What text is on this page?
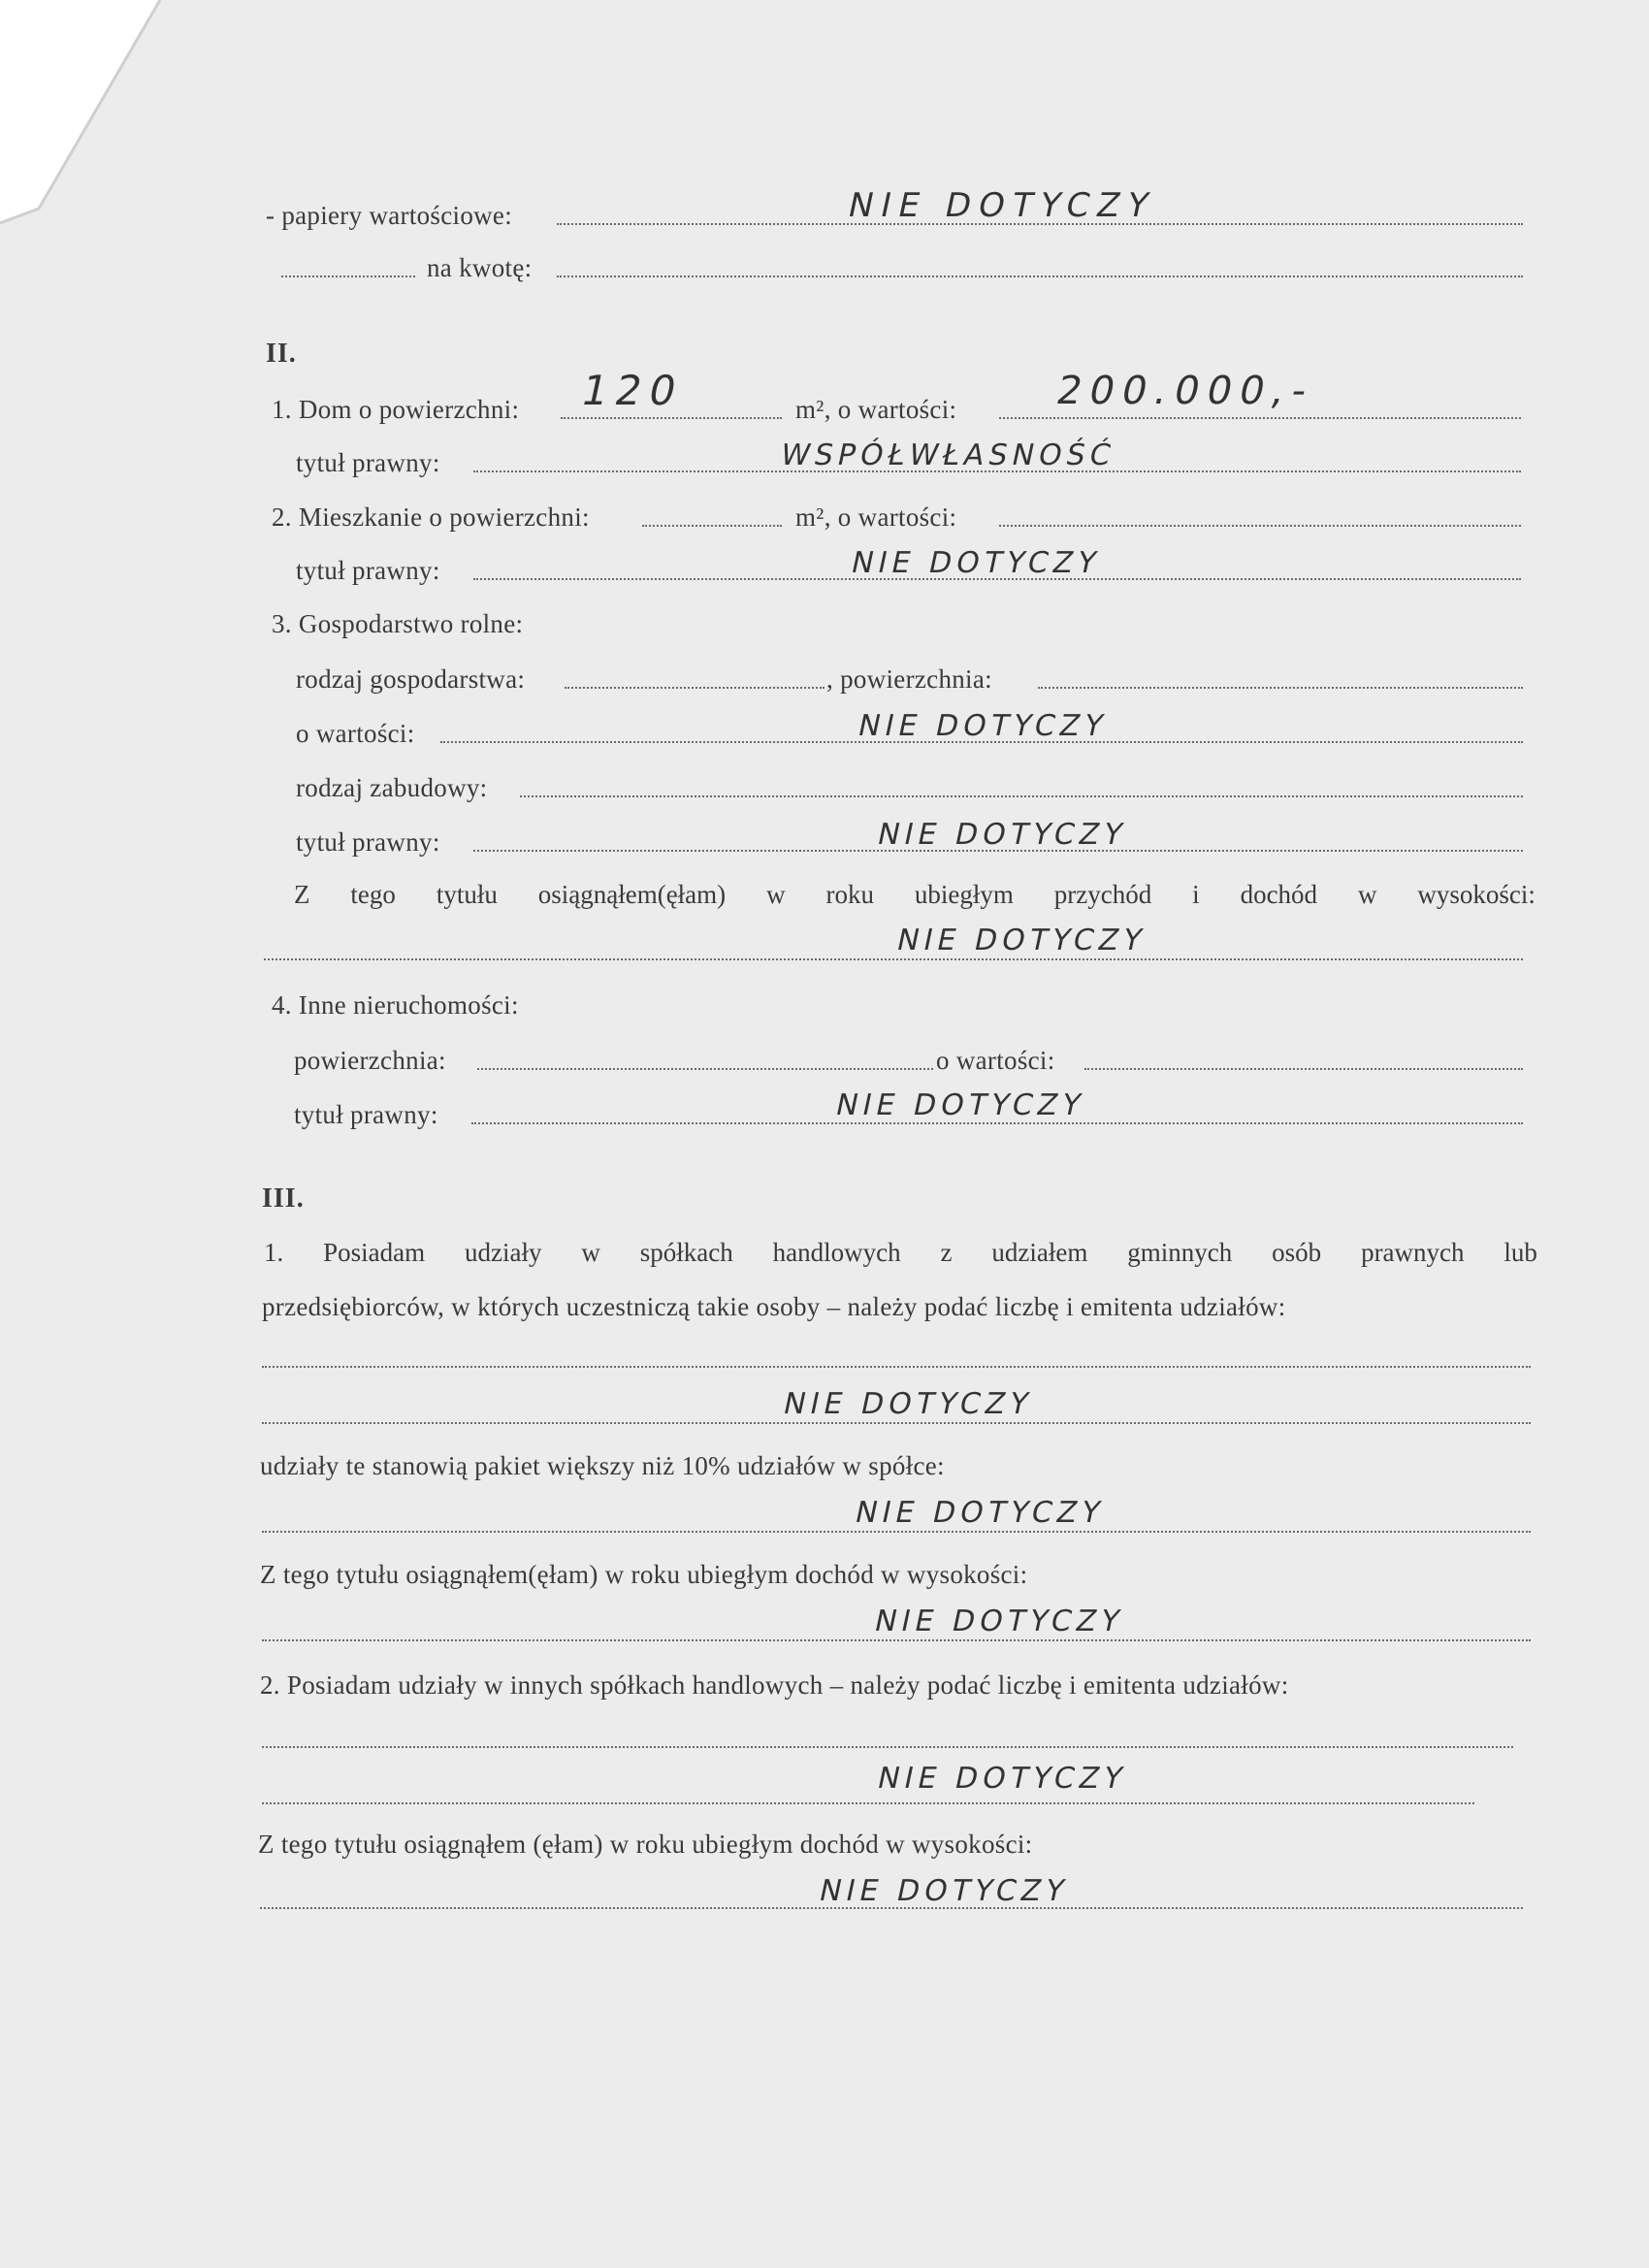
- papiery wartościowe:	NIE DOTYCZY
na kwotę:
II.
1. Dom o powierzchni: 120	m², o wartości: 200.000,-
tytuł prawny:	WSPÓŁWŁASNOŚĆ
2. Mieszkanie o powierzchni:	m², o wartości:
tytuł prawny:	NIE DOTYCZY
3. Gospodarstwo rolne:
rodzaj gospodarstwa:	, powierzchnia:
o wartości:	NIE DOTYCZY
rodzaj zabudowy:
tytuł prawny:	NIE DOTYCZY
Z tego tytułu osiągnąłem(ęłam) w roku ubiegłym przychód i dochód w wysokości:
NIE DOTYCZY
4. Inne nieruchomości:
powierzchnia:	o wartości:
tytuł prawny:	NIE DOTYCZY
III.
1. Posiadam udziały w spółkach handlowych z udziałem gminnych osób prawnych lub
przedsiębiorców, w których uczestniczą takie osoby – należy podać liczbę i emitenta udziałów:
NIE DOTYCZY
udziały te stanowią pakiet większy niż 10% udziałów w spółce:
NIE DOTYCZY
Z tego tytułu osiągnąłem(ęłam) w roku ubiegłym dochód w wysokości:
NIE DOTYCZY
2. Posiadam udziały w innych spółkach handlowych – należy podać liczbę i emitenta udziałów:
NIE DOTYCZY
Z tego tytułu osiągnąłem (ęłam) w roku ubiegłym dochód w wysokości:
NIE DOTYCZY
